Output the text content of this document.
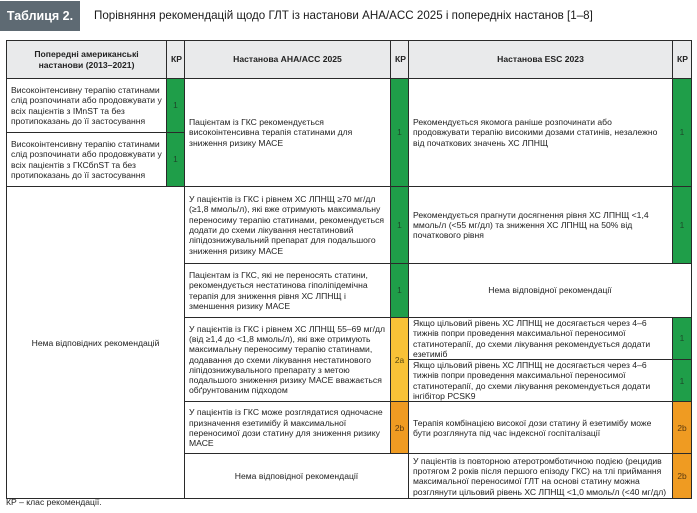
Таблиця 2.	Порівняння рекомендацій щодо ГЛТ із настанови AHA/ACC 2025 і попередніх настанов [1–8]
Попередні американські настанови (2013–2021)	КР	Настанова AHA/ACC 2025	КР	Настанова ESC 2023	КР
Високоінтенсивну терапію статинами слід розпочинати або продовжувати у всіх пацієнтів з IMnST та без протипоказань до її застосування	1	Пацієнтам із ГКС рекомендується високоінтенсивна терапія статинами для зниження ризику МАСЕ	1	Рекомендується якомога раніше розпочинати або продовжувати терапію високими дозами статинів, незалежно від початкових значень ХС ЛПНЩ	1
Високоінтенсивну терапію статинами слід розпочинати або продовжувати у всіх пацієнтів з ГКСбnST та без протипоказань до її застосування	1				
Нема відповідних рекомендацій		У пацієнтів із ГКС і рівнем ХС ЛПНЩ ≥70 мг/дл (≥1,8 ммоль/л), які вже отримують максимальну переносиму терапію статинами, рекомендується додати до схеми лікування нестатиновий ліпідознижувальний препарат для подальшого зниження ризику МАСЕ	1	Рекомендується прагнути досягнення рівня ХС ЛПНЩ <1,4 ммоль/л (<55 мг/дл) та зниження ХС ЛПНЩ на 50% від початкового рівня	1
		Пацієнтам із ГКС, які не переносять статини, рекомендується нестатинова гіполіпідемічна терапія для зниження рівня ХС ЛПНЩ і зменшення ризику МАСЕ	1	Нема відповідної рекомендації	
		У пацієнтів із ГКС і рівнем ХС ЛПНЩ 55–69 мг/дл (від ≥1,4 до <1,8 ммоль/л), які вже отримують максимальну переносиму терапію статинами, додавання до схеми лікування нестатинового ліпідознижувального препарату з метою подальшого зниження ризику МАСЕ вважається обґрунтованим підходом	2a	Якщо цільовий рівень ХС ЛПНЩ не досягається через 4–6 тижнів попри проведення максимальної переносимої статинотерапії, до схеми лікування рекомендується додати езетиміб	1
				Якщо цільовий рівень ХС ЛПНЩ не досягається через 4–6 тижнів попри проведення максимальної переносимої статинотерапії, до схеми лікування рекомендується додати інгібітор PCSK9	1
		У пацієнтів із ГКС може розглядатися одночасне призначення езетимібу й максимальної переносимої дози статину для зниження ризику МАСЕ	2b	Терапія комбінацією високої дози статину й езетимібу може бути розглянута під час індексної госпіталізації	2b
		Нема відповідної рекомендації		У пацієнтів із повторною атеротромботичною подією (рецидив протягом 2 років після першого епізоду ГКС) на тлі приймання максимальної переносимої ГЛТ на основі статину можна розглянути цільовий рівень ХС ЛПНЩ <1,0 ммоль/л (<40 мг/дл)	2b
КР – клас рекомендації.
